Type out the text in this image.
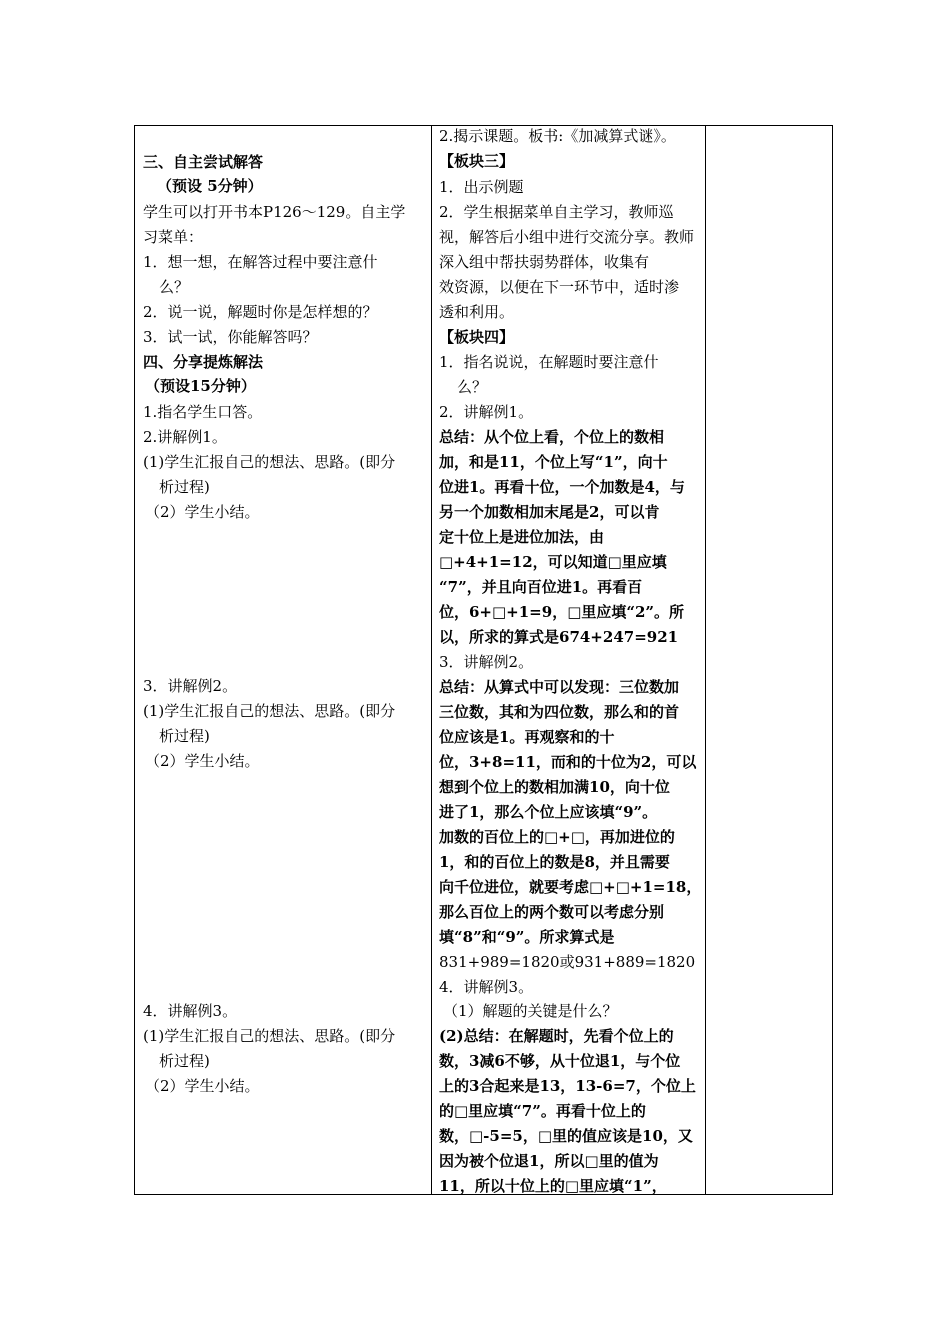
三、自主尝试解答
（预设 5分钟）
学生可以打开书本P126～129。自主学
习菜单：
1．想一想，在解答过程中要注意什
么？
2．说一说，解题时你是怎样想的？
3．试一试，你能解答吗？
四、分享提炼解法
（预设15分钟）
1.指名学生口答。
2.讲解例1。
(1)学生汇报自己的想法、思路。(即分
析过程)
（2）学生小结。
3．讲解例2。
(1)学生汇报自己的想法、思路。(即分
析过程)
（2）学生小结。
4．讲解例3。
(1)学生汇报自己的想法、思路。(即分
析过程)
（2）学生小结。
2.揭示课题。板书:《加减算式谜》。
【板块三】
1．出示例题
2．学生根据菜单自主学习，教师巡
视，解答后小组中进行交流分享。教师
深入组中帮扶弱势群体，收集有
效资源，以便在下一环节中，适时渗
透和利用。
【板块四】
1．指名说说，在解题时要注意什
么？
2．讲解例1。
总结：从个位上看，个位上的数相
加，和是11，个位上写“1”，向十
位进1。再看十位，一个加数是4，与
另一个加数相加末尾是2，可以肯
定十位上是进位加法，由
□+4+1=12，可以知道□里应填
“7”，并且向百位进1。再看百
位，6+□+1=9，□里应填“2”。所
以，所求的算式是674+247=921
3．讲解例2。
总结：从算式中可以发现：三位数加
三位数，其和为四位数，那么和的首
位应该是1。再观察和的十
位，3+8=11，而和的十位为2，可以
想到个位上的数相加满10，向十位
进了1，那么个位上应该填“9”。
加数的百位上的□+□，再加进位的
1，和的百位上的数是8，并且需要
向千位进位，就要考虑□+□+1=18，
那么百位上的两个数可以考虑分别
填“8”和“9”。所求算式是
831+989=1820或931+889=1820
4．讲解例3。
（1）解题的关键是什么？
(2)总结：在解题时，先看个位上的
数，3减6不够，从十位退1，与个位
上的3合起来是13，13-6=7，个位上
的□里应填“7”。再看十位上的
数，□-5=5，□里的值应该是10，又
因为被个位退1，所以□里的值为
11，所以十位上的□里应填“1”，
